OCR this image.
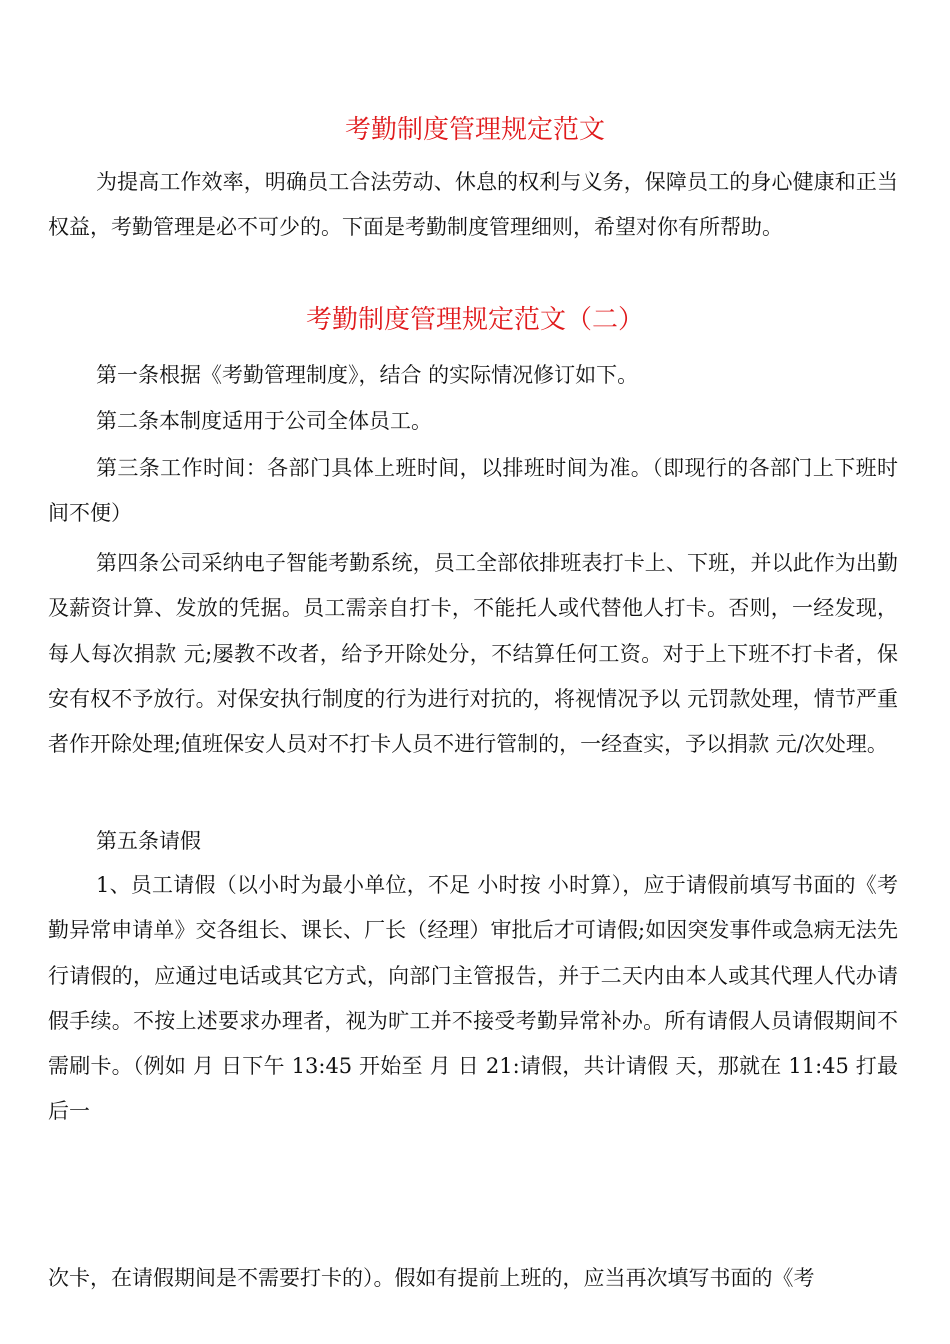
考勤制度管理规定范文
为提高工作效率，明确员工合法劳动、休息的权利与义务，保障员工的身心健康和正当权益，考勤管理是必不可少的。下面是考勤制度管理细则，希望对你有所帮助。
考勤制度管理规定范文（二）
第一条根据《考勤管理制度》，结合 的实际情况修订如下。
第二条本制度适用于公司全体员工。
第三条工作时间：各部门具体上班时间，以排班时间为准。（即现行的各部门上下班时间不便）
第四条公司采纳电子智能考勤系统，员工全部依排班表打卡上、下班，并以此作为出勤及薪资计算、发放的凭据。员工需亲自打卡，不能托人或代替他人打卡。否则，一经发现，每人每次捐款 元;屡教不改者，给予开除处分，不结算任何工资。对于上下班不打卡者，保安有权不予放行。对保安执行制度的行为进行对抗的，将视情况予以 元罚款处理，情节严重者作开除处理;值班保安人员对不打卡人员不进行管制的，一经查实，予以捐款 元/次处理。
第五条请假
1、员工请假（以小时为最小单位，不足 小时按 小时算），应于请假前填写书面的《考勤异常申请单》交各组长、课长、厂长（经理）审批后才可请假;如因突发事件或急病无法先行请假的，应通过电话或其它方式，向部门主管报告，并于二天内由本人或其代理人代办请假手续。不按上述要求办理者，视为旷工并不接受考勤异常补办。所有请假人员请假期间不需刷卡。（例如 月 日下午 13:45 开始至 月 日 21:请假，共计请假 天，那就在 11:45 打最后一
次卡，在请假期间是不需要打卡的）。假如有提前上班的，应当再次填写书面的《考
